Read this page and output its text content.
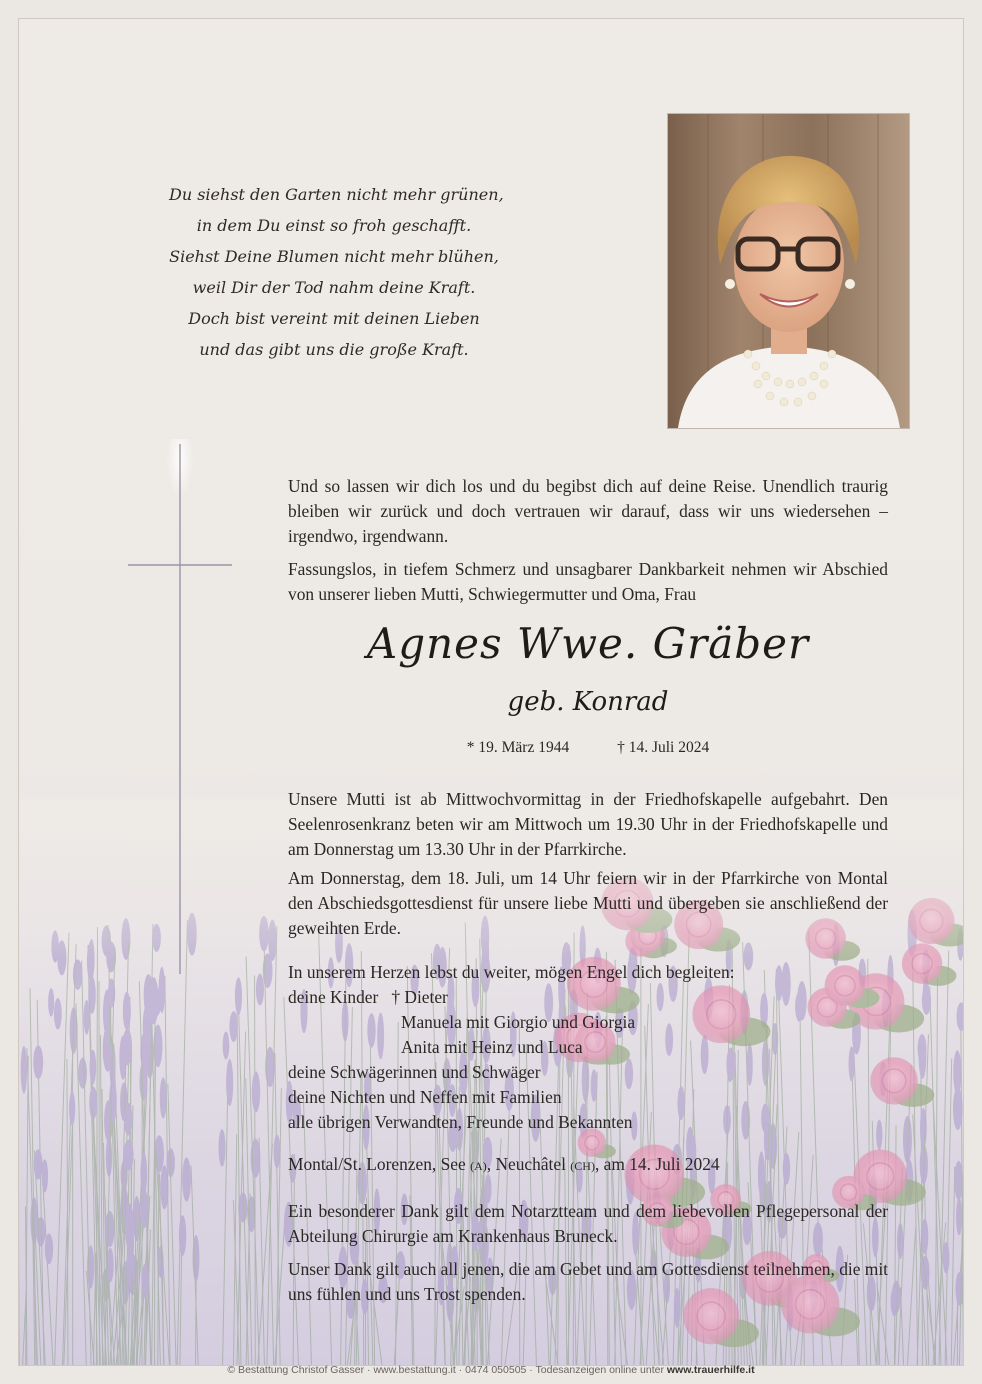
Du siehst den Garten nicht mehr grünen,
in dem Du einst so froh geschafft.
Siehst Deine Blumen nicht mehr blühen,
weil Dir der Tod nahm deine Kraft.
Doch bist vereint mit deinen Lieben
und das gibt uns die große Kraft.

Und so lassen wir dich los und du begibst dich auf deine Reise. Unendlich traurig bleiben wir zurück und doch vertrauen wir darauf, dass wir uns wiedersehen – irgendwo, irgendwann.

Fassungslos, in tiefem Schmerz und unsagbarer Dankbarkeit nehmen wir Abschied von unserer lieben Mutti, Schwiegermutter und Oma, Frau

Agnes Wwe. Gräber
geb. Konrad
* 19. März 1944	† 14. Juli 2024

Unsere Mutti ist ab Mittwochvormittag in der Friedhofskapelle aufgebahrt. Den Seelenrosenkranz beten wir am Mittwoch um 19.30 Uhr in der Friedhofskapelle und am Donnerstag um 13.30 Uhr in der Pfarrkirche.

Am Donnerstag, dem 18. Juli, um 14 Uhr feiern wir in der Pfarrkirche von Montal den Abschiedsgottesdienst für unsere liebe Mutti und übergeben sie anschließend der geweihten Erde.

In unserem Herzen lebst du weiter, mögen Engel dich begleiten:

deine Kinder † Dieter

Manuela mit Giorgio und Giorgia

Anita mit Heinz und Luca

deine Schwägerinnen und Schwäger

deine Nichten und Neffen mit Familien

alle übrigen Verwandten, Freunde und Bekannten

Montal/St. Lorenzen, See (A), Neuchâtel (CH), am 14. Juli 2024

Ein besonderer Dank gilt dem Notarztteam und dem liebevollen Pflegepersonal der Abteilung Chirurgie am Krankenhaus Bruneck.

Unser Dank gilt auch all jenen, die am Gebet und am Gottesdienst teilnehmen, die mit uns fühlen und uns Trost spenden.

© Bestattung Christof Gasser · www.bestattung.it · 0474 050505 · Todesanzeigen online unter www.trauerhilfe.it
